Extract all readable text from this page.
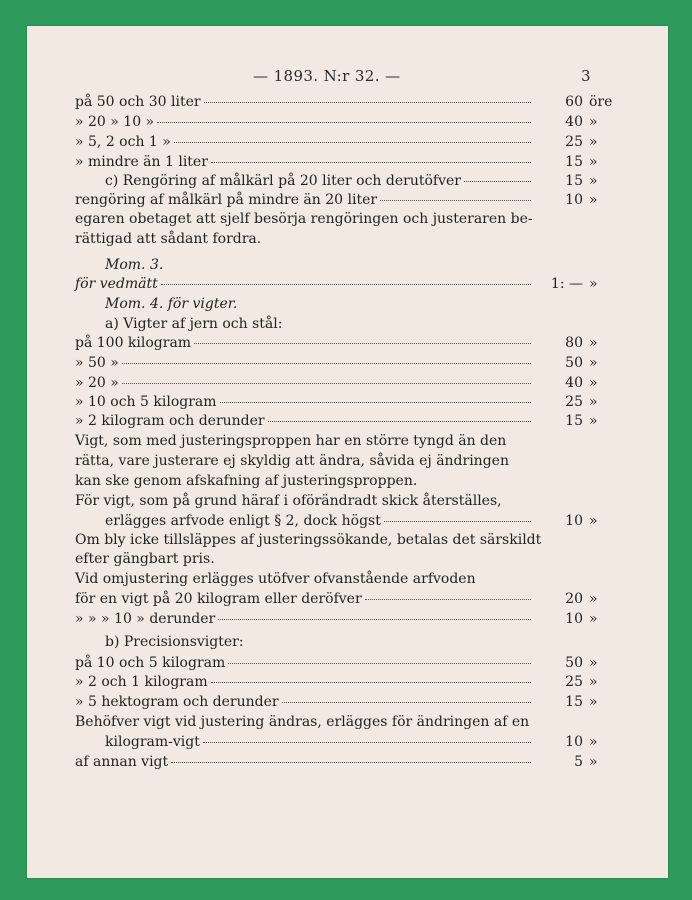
— 1893. N:r 32. —	3
på 50 och 30 liter	60 öre
» 20 » 10 »	40 »
» 5, 2 och 1 »	25 »
» mindre än 1 liter	15 »
c) Rengöring af målkärl på 20 liter och derutöfver	15 »
rengöring af målkärl på mindre än 20 liter	10 »
egaren obetaget att sjelf besörja rengöringen och justeraren be-
rättigad att sådant fordra.
Mom. 3.
för vedmätt	1: — »
Mom. 4. för vigter.
a) Vigter af jern och stål:
på 100 kilogram	80 »
» 50 »	50 »
» 20 »	40 »
» 10 och 5 kilogram	25 »
» 2 kilogram och derunder	15 »
Vigt, som med justeringsproppen har en större tyngd än den
rätta, vare justerare ej skyldig att ändra, såvida ej ändringen
kan ske genom afskafning af justeringsproppen.
För vigt, som på grund häraf i oförändradt skick återställes,
erlägges arfvode enligt § 2, dock högst	10 »
Om bly icke tillsläppes af justeringssökande, betalas det särskildt
efter gängbart pris.
Vid omjustering erlägges utöfver ofvanstående arfvoden
för en vigt på 20 kilogram eller deröfver	20 »
» » » 10 » derunder	10 »
b) Precisionsvigter:
på 10 och 5 kilogram	50 »
» 2 och 1 kilogram	25 »
» 5 hektogram och derunder	15 »
Behöfver vigt vid justering ändras, erlägges för ändringen af en
kilogram-vigt	10 »
af annan vigt	5 »
